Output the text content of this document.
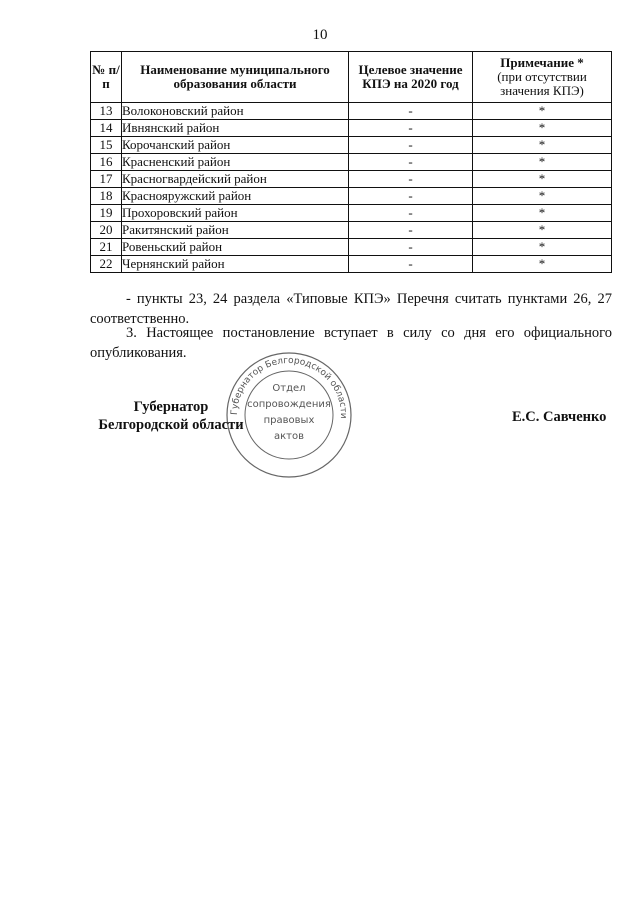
10
№ п/п	Наименование муниципального образования области	Целевое значение КПЭ на 2020 год	Примечание *
(при отсутствии значения КПЭ)
13	Волоконовский район	-	*
14	Ивнянский район	-	*
15	Корочанский район	-	*
16	Красненский район	-	*
17	Красногвардейский район	-	*
18	Краснояружский район	-	*
19	Прохоровский район	-	*
20	Ракитянский район	-	*
21	Ровеньский район	-	*
22	Чернянский район	-	*
- пункты 23, 24 раздела «Типовые КПЭ» Перечня считать пунктами 26, 27 соответственно.
3. Настоящее постановление вступает в силу со дня его официального опубликования.
Губернатор Белгородской области
Отдел
сопровождения
правовых
актов
Губернатор
Белгородской области	Е.С. Савченко
